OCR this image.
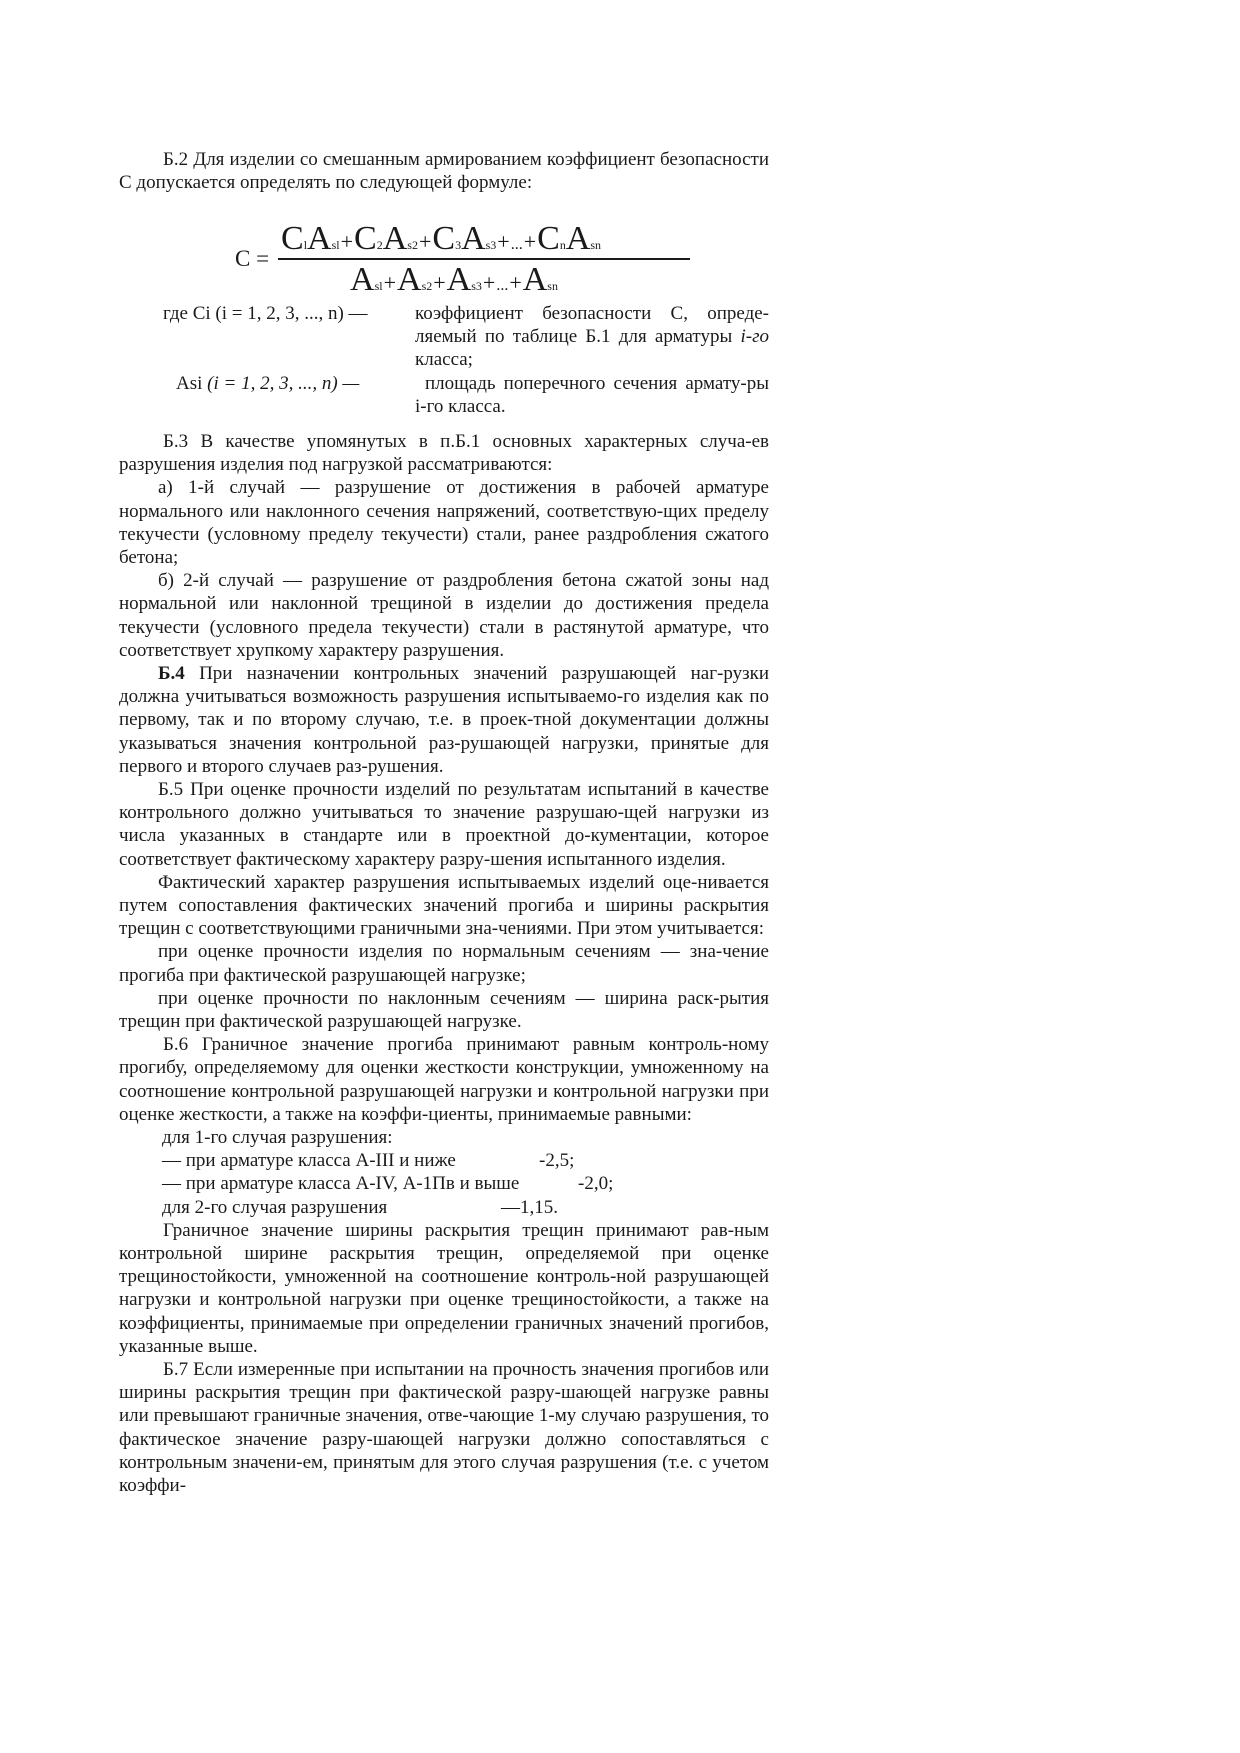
Б.2 Для изделии со смешанным армированием коэффициент безопасности С допускается определять по следующей формуле:

C =
ClAsl+C2As2+C3As3+...+CnAsn
Asl+As2+As3+...+Asn
где Ci (i = 1, 2, 3, ..., n) — коэффициент безопасности С, опреде-ляемый по таблице Б.1 для арматуры i-го класса;
Asi (i = 1, 2, 3, ..., n) —	площадь поперечного сечения армату-ры i-го класса.

Б.3 В качестве упомянутых в п.Б.1 основных характерных случа-ев разрушения изделия под нагрузкой рассматриваются:

а) 1-й случай — разрушение от достижения в рабочей арматуре нормального или наклонного сечения напряжений, соответствую-щих пределу текучести (условному пределу текучести) стали, ранее раздробления сжатого бетона;

б) 2-й случай — разрушение от раздробления бетона сжатой зоны над нормальной или наклонной трещиной в изделии до достижения предела текучести (условного предела текучести) стали в растянутой арматуре, что соответствует хрупкому характеру разрушения.

Б.4 При назначении контрольных значений разрушающей наг-рузки должна учитываться возможность разрушения испытываемо-го изделия как по первому, так и по второму случаю, т.е. в проек-тной документации должны указываться значения контрольной раз-рушающей нагрузки, принятые для первого и второго случаев раз-рушения.

Б.5 При оценке прочности изделий по результатам испытаний в качестве контрольного должно учитываться то значение разрушаю-щей нагрузки из числа указанных в стандарте или в проектной до-кументации, которое соответствует фактическому характеру разру-шения испытанного изделия.

Фактический характер разрушения испытываемых изделий оце-нивается путем сопоставления фактических значений прогиба и ширины раскрытия трещин с соответствующими граничными зна-чениями. При этом учитывается:

при оценке прочности изделия по нормальным сечениям — зна-чение прогиба при фактической разрушающей нагрузке;

при оценке прочности по наклонным сечениям — ширина раск-рытия трещин при фактической разрушающей нагрузке.

Б.6 Граничное значение прогиба принимают равным контроль-ному прогибу, определяемому для оценки жесткости конструкции, умноженному на соотношение контрольной разрушающей нагрузки и контрольной нагрузки при оценке жесткости, а также на коэффи-циенты, принимаемые равными:

для 1-го случая разрушения:
— при арматуре класса А-III и ниже	-2,5;
— при арматуре класса А-IV, А-1Пв и выше	-2,0;
для 2-го случая разрушения	—1,15.

Граничное значение ширины раскрытия трещин принимают рав-ным контрольной ширине раскрытия трещин, определяемой при оценке трещиностойкости, умноженной на соотношение контроль-ной разрушающей нагрузки и контрольной нагрузки при оценке трещиностойкости, а также на коэффициенты, принимаемые при определении граничных значений прогибов, указанные выше.

Б.7 Если измеренные при испытании на прочность значения прогибов или ширины раскрытия трещин при фактической разру-шающей нагрузке равны или превышают граничные значения, отве-чающие 1-му случаю разрушения, то фактическое значение разру-шающей нагрузки должно сопоставляться с контрольным значени-ем, принятым для этого случая разрушения (т.е. с учетом коэффи-
